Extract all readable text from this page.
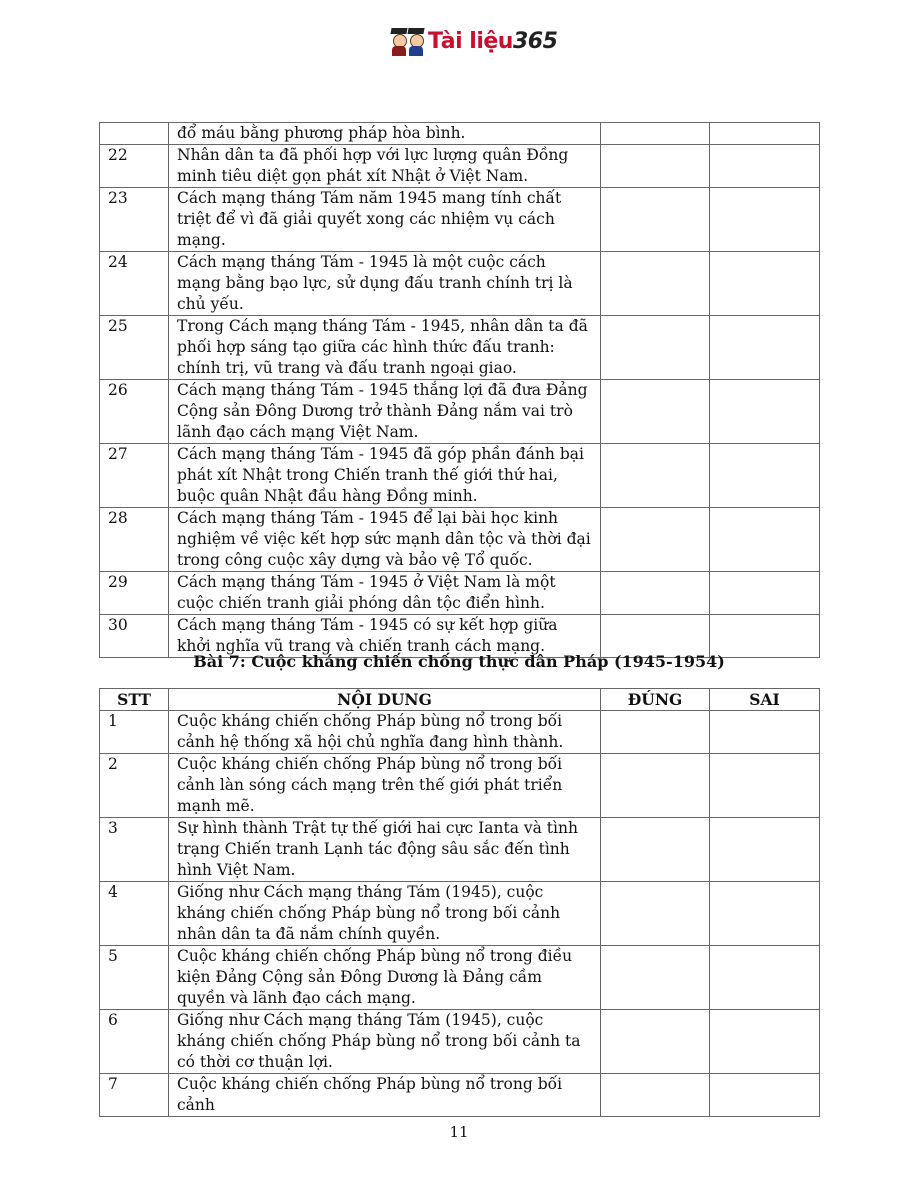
Tài liệu365
	đổ máu bằng phương pháp hòa bình.		
22	Nhân dân ta đã phối hợp với lực lượng quân Đồng minh tiêu diệt gọn phát xít Nhật ở Việt Nam.		
23	Cách mạng tháng Tám năm 1945 mang tính chất triệt để vì đã giải quyết xong các nhiệm vụ cách mạng.		
24	Cách mạng tháng Tám - 1945 là một cuộc cách mạng bằng bạo lực, sử dụng đấu tranh chính trị là chủ yếu.		
25	Trong Cách mạng tháng Tám - 1945, nhân dân ta đã phối hợp sáng tạo giữa các hình thức đấu tranh: chính trị, vũ trang và đấu tranh ngoại giao.		
26	Cách mạng tháng Tám - 1945 thắng lợi đã đưa Đảng Cộng sản Đông Dương trở thành Đảng nắm vai trò lãnh đạo cách mạng Việt Nam.		
27	Cách mạng tháng Tám - 1945 đã góp phần đánh bại phát xít Nhật trong Chiến tranh thế giới thứ hai, buộc quân Nhật đầu hàng Đồng minh.		
28	Cách mạng tháng Tám - 1945 để lại bài học kinh nghiệm về việc kết hợp sức mạnh dân tộc và thời đại trong công cuộc xây dựng và bảo vệ Tổ quốc.		
29	Cách mạng tháng Tám - 1945 ở Việt Nam là một cuộc chiến tranh giải phóng dân tộc điển hình.		
30	Cách mạng tháng Tám - 1945 có sự kết hợp giữa khởi nghĩa vũ trang và chiến tranh cách mạng.		
Bài 7: Cuộc kháng chiến chống thực dân Pháp (1945-1954)
STT	NỘI DUNG	ĐÚNG	SAI
1	Cuộc kháng chiến chống Pháp bùng nổ trong bối cảnh hệ thống xã hội chủ nghĩa đang hình thành.		
2	Cuộc kháng chiến chống Pháp bùng nổ trong bối cảnh làn sóng cách mạng trên thế giới phát triển mạnh mẽ.		
3	Sự hình thành Trật tự thế giới hai cực Ianta và tình trạng Chiến tranh Lạnh tác động sâu sắc đến tình hình Việt Nam.		
4	Giống như Cách mạng tháng Tám (1945), cuộc kháng chiến chống Pháp bùng nổ trong bối cảnh nhân dân ta đã nắm chính quyền.		
5	Cuộc kháng chiến chống Pháp bùng nổ trong điều kiện Đảng Cộng sản Đông Dương là Đảng cầm quyền và lãnh đạo cách mạng.		
6	Giống như Cách mạng tháng Tám (1945), cuộc kháng chiến chống Pháp bùng nổ trong bối cảnh ta có thời cơ thuận lợi.		
7	Cuộc kháng chiến chống Pháp bùng nổ trong bối cảnh		
11
